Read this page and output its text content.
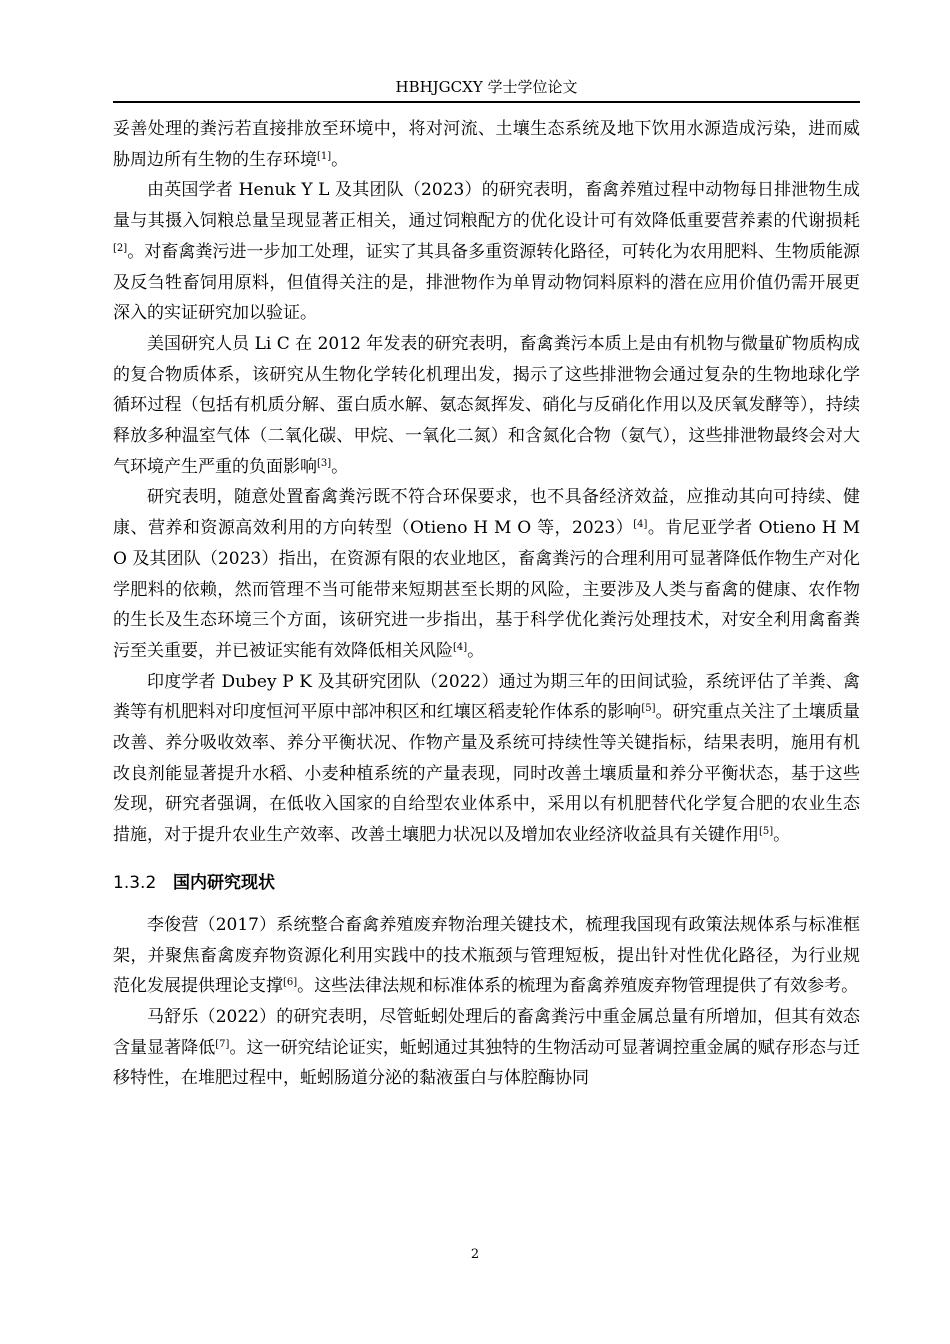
HBHJGCXY 学士学位论文

妥善处理的粪污若直接排放至环境中，将对河流、土壤生态系统及地下饮用水源造成污染，进而威胁周边所有生物的生存环境[1]。

由英国学者 Henuk Y L 及其团队（2023）的研究表明，畜禽养殖过程中动物每日排泄物生成量与其摄入饲粮总量呈现显著正相关，通过饲粮配方的优化设计可有效降低重要营养素的代谢损耗[2]。对畜禽粪污进一步加工处理，证实了其具备多重资源转化路径，可转化为农用肥料、生物质能源及反刍牲畜饲用原料，但值得关注的是，排泄物作为单胃动物饲料原料的潜在应用价值仍需开展更深入的实证研究加以验证。

美国研究人员 Li C 在 2012 年发表的研究表明，畜禽粪污本质上是由有机物与微量矿物质构成的复合物质体系，该研究从生物化学转化机理出发，揭示了这些排泄物会通过复杂的生物地球化学循环过程（包括有机质分解、蛋白质水解、氨态氮挥发、硝化与反硝化作用以及厌氧发酵等），持续释放多种温室气体（二氧化碳、甲烷、一氧化二氮）和含氮化合物（氨气），这些排泄物最终会对大气环境产生严重的负面影响[3]。

研究表明，随意处置畜禽粪污既不符合环保要求，也不具备经济效益，应推动其向可持续、健康、营养和资源高效利用的方向转型（Otieno H M O 等，2023）[4]。肯尼亚学者 Otieno H M O 及其团队（2023）指出，在资源有限的农业地区，畜禽粪污的合理利用可显著降低作物生产对化学肥料的依赖，然而管理不当可能带来短期甚至长期的风险，主要涉及人类与畜禽的健康、农作物的生长及生态环境三个方面，该研究进一步指出，基于科学优化粪污处理技术，对安全利用禽畜粪污至关重要，并已被证实能有效降低相关风险[4]。

印度学者 Dubey P K 及其研究团队（2022）通过为期三年的田间试验，系统评估了羊粪、禽粪等有机肥料对印度恒河平原中部冲积区和红壤区稻麦轮作体系的影响[5]。研究重点关注了土壤质量改善、养分吸收效率、养分平衡状况、作物产量及系统可持续性等关键指标，结果表明，施用有机改良剂能显著提升水稻、小麦种植系统的产量表现，同时改善土壤质量和养分平衡状态，基于这些发现，研究者强调，在低收入国家的自给型农业体系中，采用以有机肥替代化学复合肥的农业生态措施，对于提升农业生产效率、改善土壤肥力状况以及增加农业经济收益具有关键作用[5]。

1.3.2 国内研究现状

李俊营（2017）系统整合畜禽养殖废弃物治理关键技术，梳理我国现有政策法规体系与标准框架，并聚焦畜禽废弃物资源化利用实践中的技术瓶颈与管理短板，提出针对性优化路径，为行业规范化发展提供理论支撑[6]。这些法律法规和标准体系的梳理为畜禽养殖废弃物管理提供了有效参考。

马舒乐（2022）的研究表明，尽管蚯蚓处理后的畜禽粪污中重金属总量有所增加，但其有效态含量显著降低[7]。这一研究结论证实，蚯蚓通过其独特的生物活动可显著调控重金属的赋存形态与迁移特性，在堆肥过程中，蚯蚓肠道分泌的黏液蛋白与体腔酶协同

2
